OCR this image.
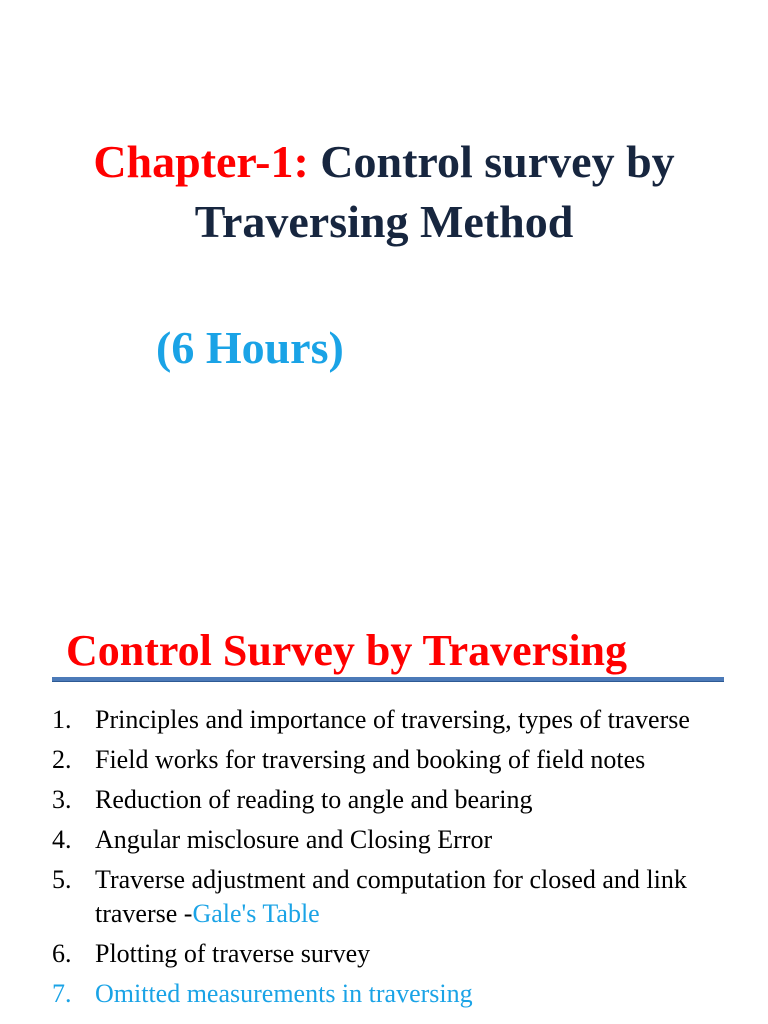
Chapter-1: Control survey by
Traversing Method
(6 Hours)
Control Survey by Traversing
1. Principles and importance of traversing, types of traverse
2. Field works for traversing and booking of field notes
3. Reduction of reading to angle and bearing
4. Angular misclosure and Closing Error
5. Traverse adjustment and computation for closed and link traverse -Gale's Table
6. Plotting of traverse survey
7. Omitted measurements in traversing
